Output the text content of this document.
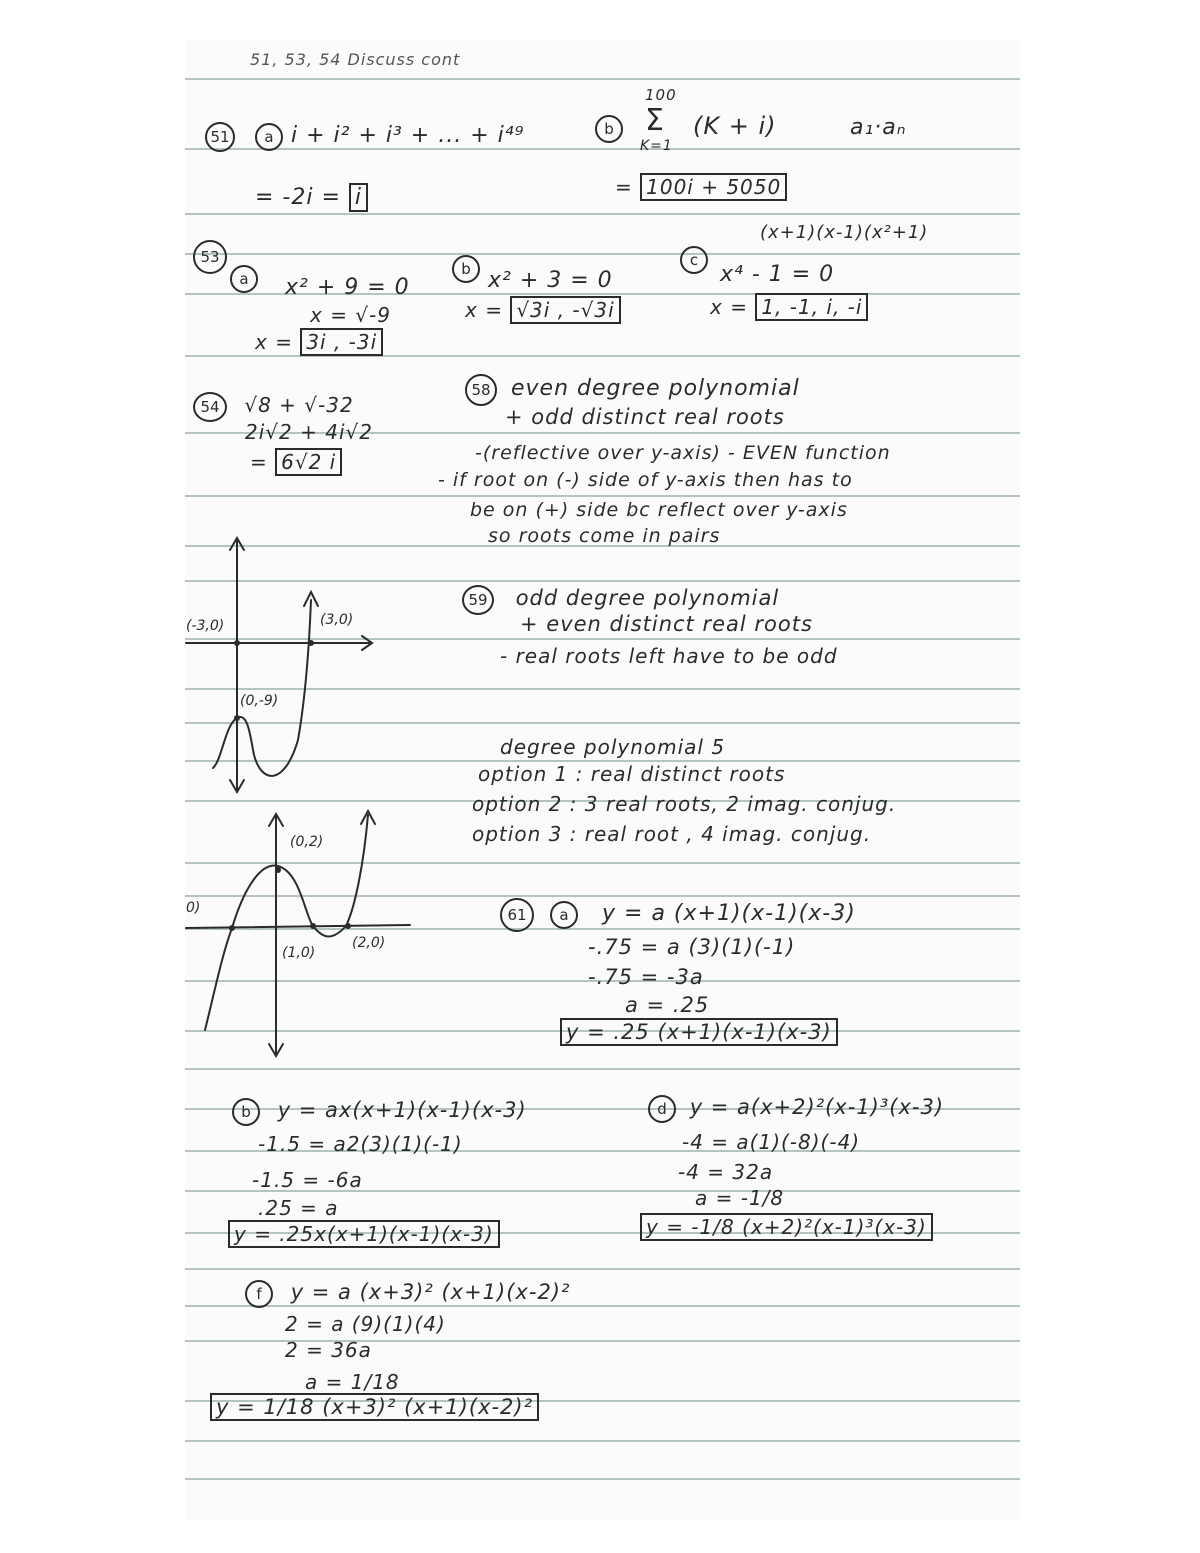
51, 53, 54 Discuss cont
51 a i + i² + i³ + ... + i⁴⁹
= -2i = i
b
100
Σ
K=1
(K + i)	a₁·aₙ
= 100i + 5050
53
a	x² + 9 = 0
x = √-9
x = 3i , -3i
b x² + 3 = 0
x = √3i , -√3i
c
(x+1)(x-1)(x²+1)
x⁴ - 1 = 0
x = 1, -1, i, -i
54 √8 + √-32
2i√2 + 4i√2
= 6√2 i
58 even degree polynomial
+ odd distinct real roots
-(reflective over y-axis) - EVEN function
- if root on (-) side of y-axis then has to
be on (+) side bc reflect over y-axis
so roots come in pairs
59 odd degree polynomial
+ even distinct real roots
- real roots left have to be odd
degree polynomial 5
option 1 : real distinct roots
option 2 : 3 real roots, 2 imag. conjug.
option 3 : real root , 4 imag. conjug.
(-3,0)	(3,0)
(0,-9)
(0,2)
(1,0)
(2,0)
0)	61 a y = a (x+1)(x-1)(x-3)
-.75 = a (3)(1)(-1)
-.75 = -3a
a = .25
y = .25 (x+1)(x-1)(x-3)
b y = ax(x+1)(x-1)(x-3)
-1.5 = a2(3)(1)(-1)
-1.5 = -6a
.25 = a
y = .25x(x+1)(x-1)(x-3)
d y = a(x+2)²(x-1)³(x-3)
-4 = a(1)(-8)(-4)
-4 = 32a
a = -1/8
y = -1/8 (x+2)²(x-1)³(x-3)
f y = a (x+3)² (x+1)(x-2)²
2 = a (9)(1)(4)
2 = 36a
a = 1/18
y = 1/18 (x+3)² (x+1)(x-2)²
